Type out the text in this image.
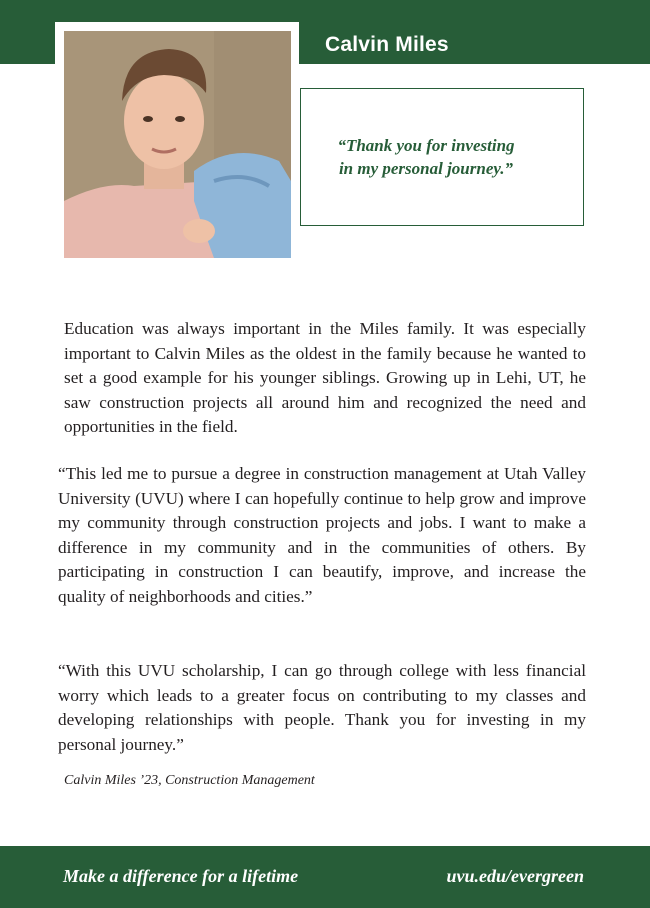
Calvin Miles
“Thank you for investing
in my personal journey.”
Education was always important in the Miles family. It was especially important to Calvin Miles as the oldest in the family because he wanted to set a good example for his younger siblings. Growing up in Lehi, UT, he saw construction projects all around him and recognized the need and opportunities in the field.
“This led me to pursue a degree in construction management at Utah Valley University (UVU) where I can hopefully continue to help grow and improve my community through construction projects and jobs. I want to make a difference in my community and in the communities of others. By participating in construction I can beautify, improve, and increase the quality of neighborhoods and cities.”
“With this UVU scholarship, I can go through college with less financial worry which leads to a greater focus on contributing to my classes and developing relationships with people. Thank you for investing in my personal journey.”
Calvin Miles ’23, Construction Management
Make a difference for a lifetime	uvu.edu/evergreen
